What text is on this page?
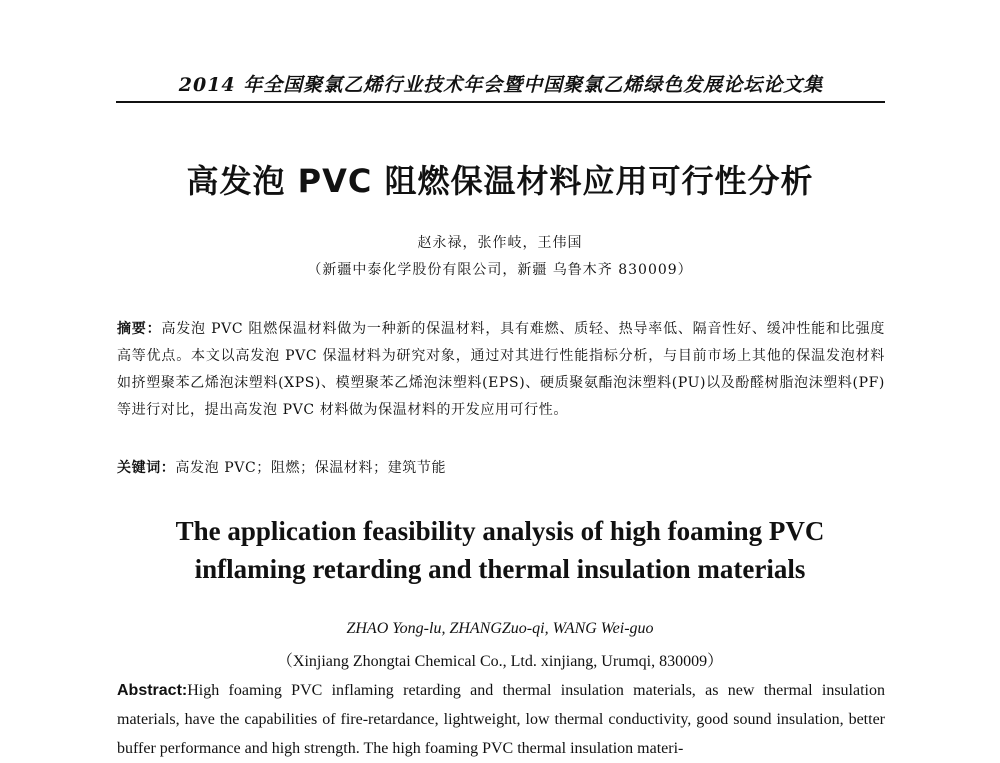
2014 年全国聚氯乙烯行业技术年会暨中国聚氯乙烯绿色发展论坛论文集
高发泡 PVC 阻燃保温材料应用可行性分析
赵永禄，张作岐，王伟国
（新疆中泰化学股份有限公司，新疆 乌鲁木齐 830009）
摘要：高发泡 PVC 阻燃保温材料做为一种新的保温材料，具有难燃、质轻、热导率低、隔音性好、缓冲性能和比强度高等优点。本文以高发泡 PVC 保温材料为研究对象，通过对其进行性能指标分析，与目前市场上其他的保温发泡材料如挤塑聚苯乙烯泡沫塑料(XPS)、模塑聚苯乙烯泡沫塑料(EPS)、硬质聚氨酯泡沫塑料(PU)以及酚醛树脂泡沫塑料(PF)等进行对比，提出高发泡 PVC 材料做为保温材料的开发应用可行性。
关键词：高发泡 PVC；阻燃；保温材料；建筑节能
The application feasibility analysis of high foaming PVC
inflaming retarding and thermal insulation materials
ZHAO Yong-lu, ZHANGZuo-qi, WANG Wei-guo
（Xinjiang Zhongtai Chemical Co., Ltd. xinjiang, Urumqi, 830009）
Abstract:High foaming PVC inflaming retarding and thermal insulation materials, as new thermal insulation materials, have the capabilities of fire-retardance, lightweight, low thermal conductivity, good sound insulation, better buffer performance and high strength. The high foaming PVC thermal insulation materi-
